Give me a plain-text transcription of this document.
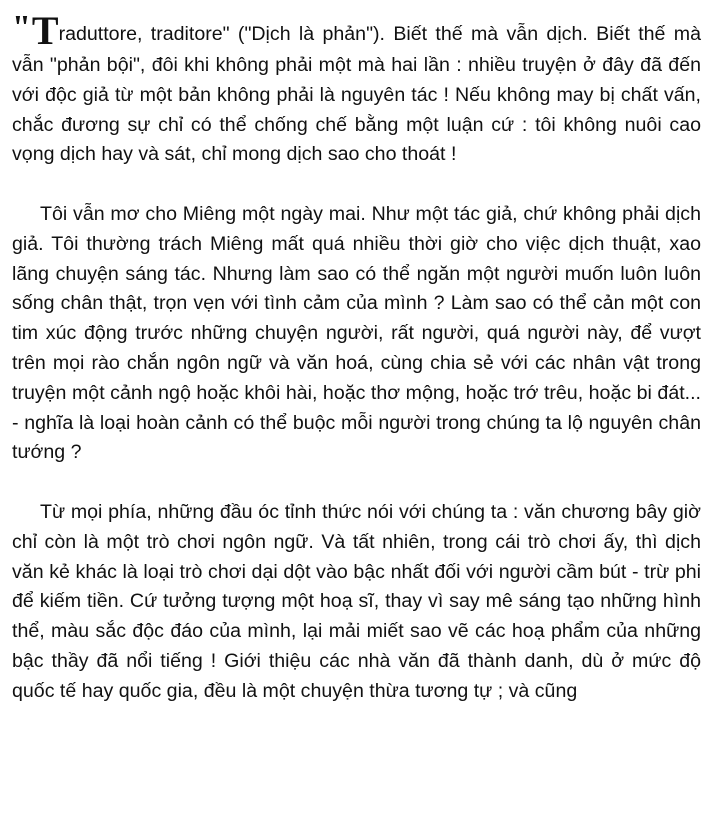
"Traduttore, traditore" ("Dịch là phản"). Biết thế mà vẫn dịch. Biết thế mà vẫn "phản bội", đôi khi không phải một mà hai lần : nhiều truyện ở đây đã đến với độc giả từ một bản không phải là nguyên tác ! Nếu không may bị chất vấn, chắc đương sự chỉ có thể chống chế bằng một luận cứ : tôi không nuôi cao vọng dịch hay và sát, chỉ mong dịch sao cho thoát !

Tôi vẫn mơ cho Miêng một ngày mai. Như một tác giả, chứ không phải dịch giả. Tôi thường trách Miêng mất quá nhiều thời giờ cho việc dịch thuật, xao lãng chuyện sáng tác. Nhưng làm sao có thể ngăn một người muốn luôn luôn sống chân thật, trọn vẹn với tình cảm của mình ? Làm sao có thể cản một con tim xúc động trước những chuyện người, rất người, quá người này, để vượt trên mọi rào chắn ngôn ngữ và văn hoá, cùng chia sẻ với các nhân vật trong truyện một cảnh ngộ hoặc khôi hài, hoặc thơ mộng, hoặc trớ trêu, hoặc bi đát... - nghĩa là loại hoàn cảnh có thể buộc mỗi người trong chúng ta lộ nguyên chân tướng ?

Từ mọi phía, những đầu óc tỉnh thức nói với chúng ta : văn chương bây giờ chỉ còn là một trò chơi ngôn ngữ. Và tất nhiên, trong cái trò chơi ấy, thì dịch văn kẻ khác là loại trò chơi dại dột vào bậc nhất đối với người cầm bút - trừ phi để kiếm tiền. Cứ tưởng tượng một hoạ sĩ, thay vì say mê sáng tạo những hình thể, màu sắc độc đáo của mình, lại mải miết sao vẽ các hoạ phẩm của những bậc thầy đã nổi tiếng ! Giới thiệu các nhà văn đã thành danh, dù ở mức độ quốc tế hay quốc gia, đều là một chuyện thừa tương tự ; và cũng
